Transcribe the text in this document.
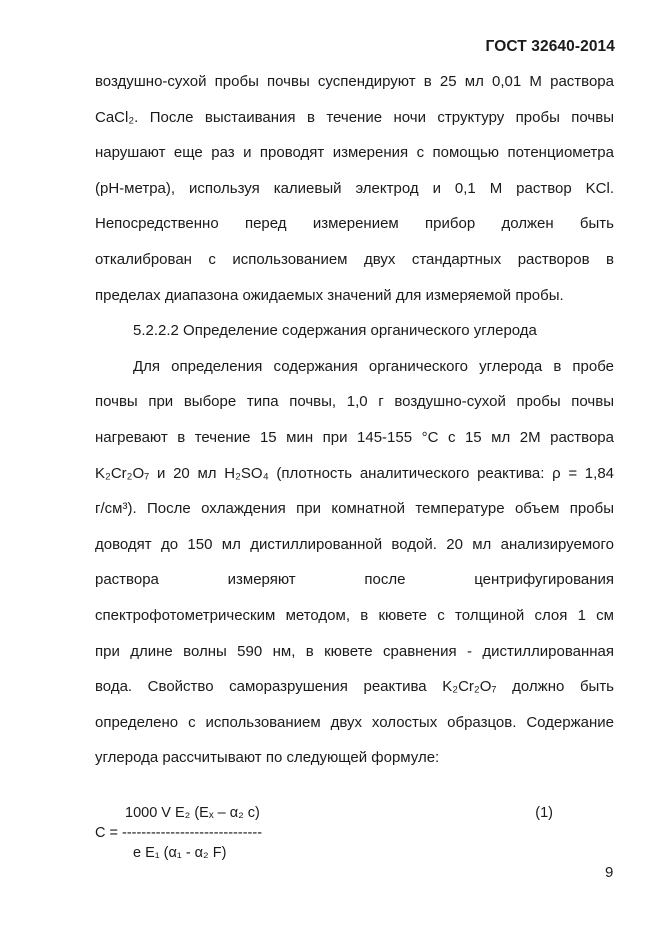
ГОСТ 32640-2014
воздушно-сухой пробы почвы суспендируют в 25 мл 0,01 М раствора
CaCl₂. После выстаивания в течение ночи структуру пробы почвы
нарушают еще раз и проводят измерения с помощью потенциометра
(pH-метра), используя калиевый электрод и 0,1 М раствор KCl.
Непосредственно перед измерением прибор должен быть
откалиброван с использованием двух стандартных растворов в
пределах диапазона ожидаемых значений для измеряемой пробы.
5.2.2.2 Определение содержания органического углерода
Для определения содержания органического углерода в пробе
почвы при выборе типа почвы, 1,0 г воздушно-сухой пробы почвы
нагревают в течение 15 мин при 145-155 °С с 15 мл 2М раствора
K₂Cr₂O₇ и 20 мл H₂SO₄ (плотность аналитического реактива: ρ = 1,84
г/см³). После охлаждения при комнатной температуре объем пробы
доводят до 150 мл дистиллированной водой. 20 мл анализируемого
раствора измеряют после центрифугирования
спектрофотометрическим методом, в кювете с толщиной слоя 1 см
при длине волны 590 нм, в кювете сравнения - дистиллированная
вода. Свойство саморазрушения реактива K₂Cr₂O₇ должно быть
определено с использованием двух холостых образцов. Содержание
углерода рассчитывают по следующей формуле:
1000 V E₂ (Eₓ – α₂ c)	(1)
C = -----------------------------
e E₁ (α₁ - α₂ F)
9
